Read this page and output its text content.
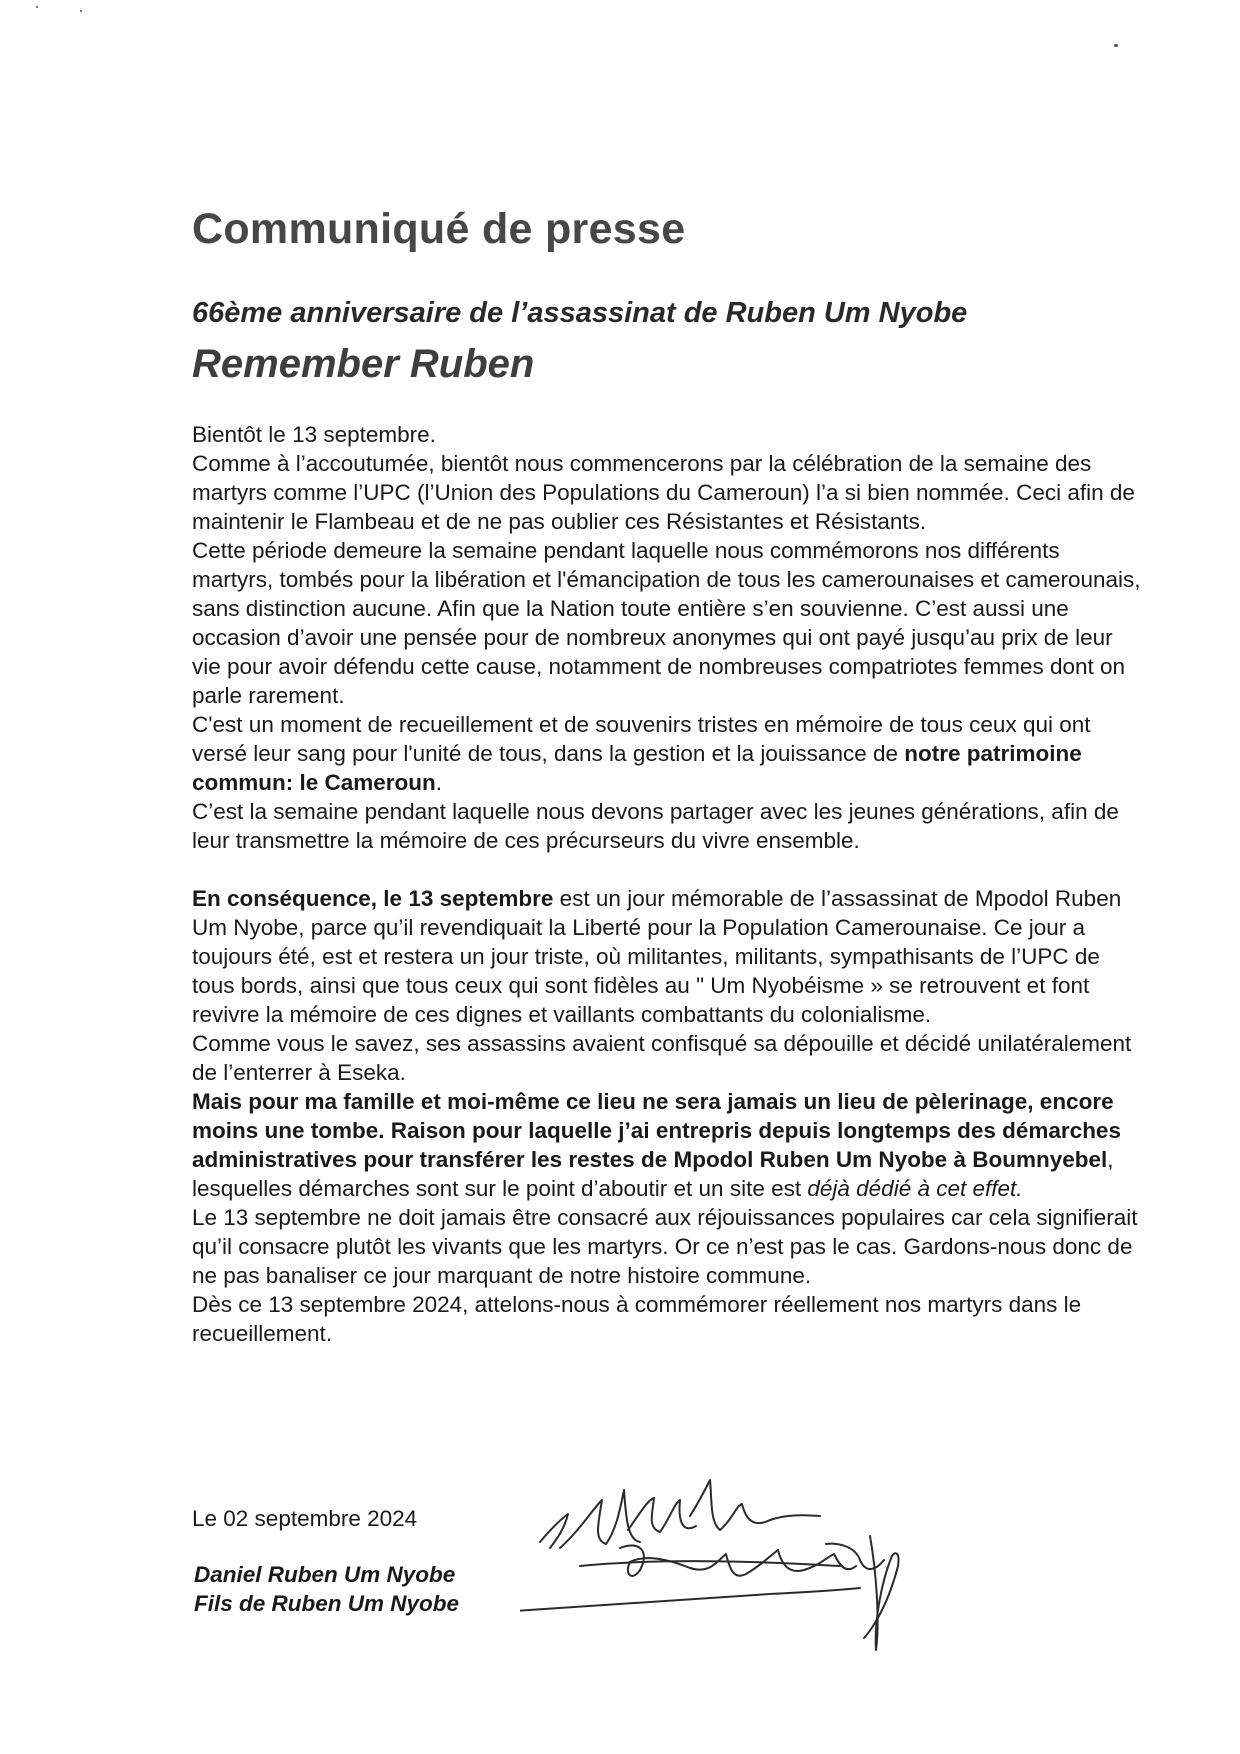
Communiqué de presse
66ème anniversaire de l’assassinat de Ruben Um Nyobe
Remember Ruben

Bientôt le 13 septembre.

Comme à l’accoutumée, bientôt nous commencerons par la célébration de la semaine des martyrs comme l’UPC (l’Union des Populations du Cameroun) l’a si bien nommée. Ceci afin de maintenir le Flambeau et de ne pas oublier ces Résistantes et Résistants.

Cette période demeure la semaine pendant laquelle nous commémorons nos différents martyrs, tombés pour la libération et l'émancipation de tous les camerounaises et camerounais, sans distinction aucune. Afin que la Nation toute entière s’en souvienne. C’est aussi une occasion d’avoir une pensée pour de nombreux anonymes qui ont payé jusqu’au prix de leur vie pour avoir défendu cette cause, notamment de nombreuses compatriotes femmes dont on parle rarement.

C'est un moment de recueillement et de souvenirs tristes en mémoire de tous ceux qui ont versé leur sang pour l'unité de tous, dans la gestion et la jouissance de notre patrimoine commun: le Cameroun.

C’est la semaine pendant laquelle nous devons partager avec les jeunes générations, afin de leur transmettre la mémoire de ces précurseurs du vivre ensemble.

En conséquence, le 13 septembre est un jour mémorable de l’assassinat de Mpodol Ruben Um Nyobe, parce qu’il revendiquait la Liberté pour la Population Camerounaise. Ce jour a toujours été, est et restera un jour triste, où militantes, militants, sympathisants de l’UPC de tous bords, ainsi que tous ceux qui sont fidèles au " Um Nyobéisme » se retrouvent et font revivre la mémoire de ces dignes et vaillants combattants du colonialisme.

Comme vous le savez, ses assassins avaient confisqué sa dépouille et décidé unilatéralement de l’enterrer à Eseka.

Mais pour ma famille et moi-même ce lieu ne sera jamais un lieu de pèlerinage, encore moins une tombe. Raison pour laquelle j’ai entrepris depuis longtemps des démarches administratives pour transférer les restes de Mpodol Ruben Um Nyobe à Boumnyebel, lesquelles démarches sont sur le point d’aboutir et un site est déjà dédié à cet effet.

Le 13 septembre ne doit jamais être consacré aux réjouissances populaires car cela signifierait qu’il consacre plutôt les vivants que les martyrs. Or ce n’est pas le cas. Gardons-nous donc de ne pas banaliser ce jour marquant de notre histoire commune.

Dès ce 13 septembre 2024, attelons-nous à commémorer réellement nos martyrs dans le recueillement.

Le 02 septembre 2024
Daniel Ruben Um Nyobe
Fils de Ruben Um Nyobe
